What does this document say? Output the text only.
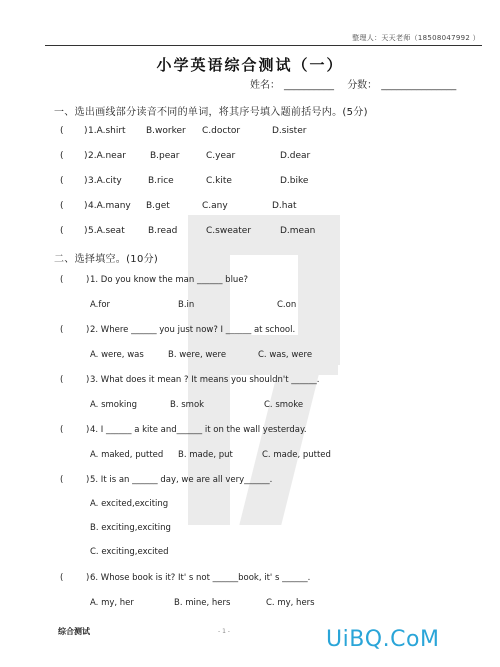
整理人：天天老师（18508047992 ）
小学英语综合测试（一）
姓名： __________ 分数： _______________
一、选出画线部分读音不同的单词，将其序号填入题前括号内。(5分)
( ) 1.A.shirt B.worker C.doctor	D.sister
( ) 2.A.near	B.pear	C.year	D.dear
( ) 3.A.city	B.rice	C.kite	D.bike
( ) 4.A.many B.get	C.any	D.hat
( ) 5.A.seat	B.read	C.sweater	D.mean
二、选择填空。(10分)
(	) 1. Do you know the man ______ blue?
A.for	B.in	C.on
(	) 2. Where ______ you just now? I ______ at school.
A. were, was	B. were, were	C. was, were
(	) 3. What does it mean ? It means you shouldn't ______.
A. smoking	B. smok	C. smoke
(	) 4. I ______ a kite and______ it on the wall yesterday.
A. maked, putted B. made, put	C. made, putted
(	) 5. It is an ______ day, we are all very______.
A. excited,exciting
B. exciting,exciting
C. exciting,excited
(	) 6. Whose book is it? It' s not ______book, it' s ______.
A. my, her	B. mine, hers	C. my, hers
综合测试	- 1 -	UiBQ.CoM
